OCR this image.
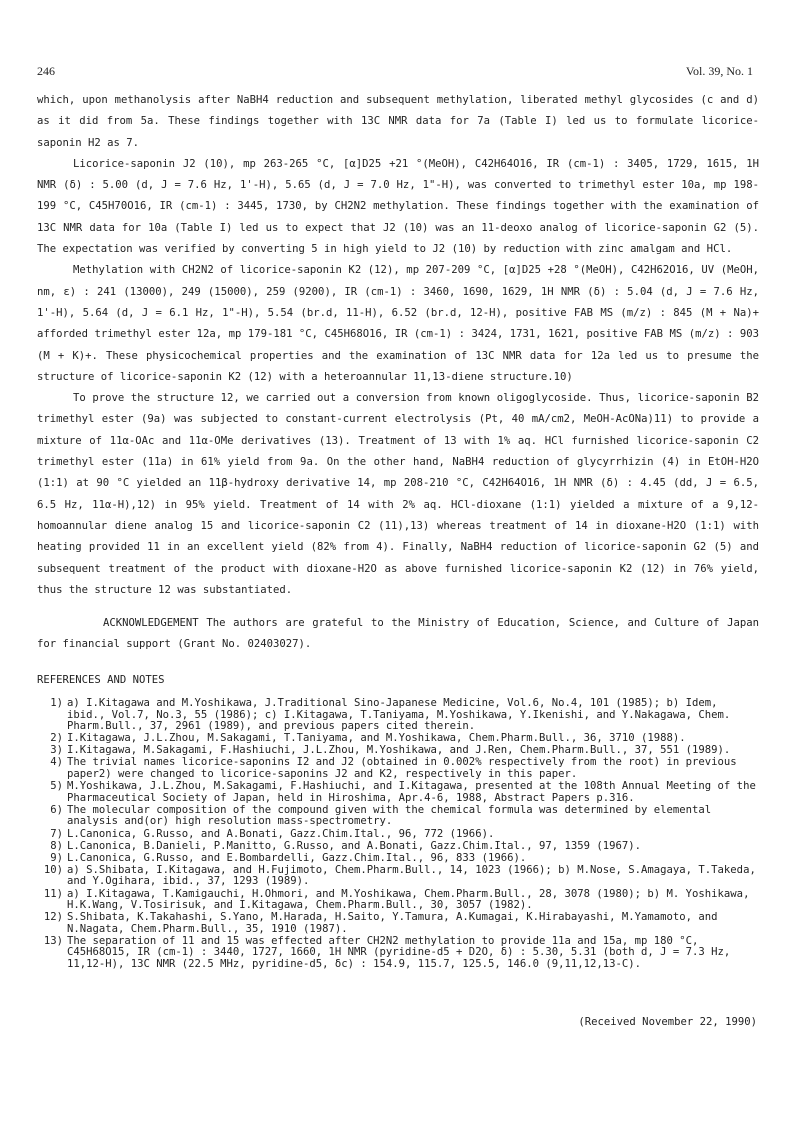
246	Vol. 39, No. 1

which, upon methanolysis after NaBH4 reduction and subsequent methylation, liberated methyl glycosides (c and d) as it did from 5a. These findings together with 13C NMR data for 7a (Table I) led us to formulate licorice-saponin H2 as 7.

Licorice-saponin J2 (10), mp 263-265 °C, [α]D25 +21 °(MeOH), C42H64O16, IR (cm-1) : 3405, 1729, 1615, 1H NMR (δ) : 5.00 (d, J = 7.6 Hz, 1'-H), 5.65 (d, J = 7.0 Hz, 1"-H), was converted to trimethyl ester 10a, mp 198-199 °C, C45H70O16, IR (cm-1) : 3445, 1730, by CH2N2 methylation. These findings together with the examination of 13C NMR data for 10a (Table I) led us to expect that J2 (10) was an 11-deoxo analog of licorice-saponin G2 (5). The expectation was verified by converting 5 in high yield to J2 (10) by reduction with zinc amalgam and HCl.

Methylation with CH2N2 of licorice-saponin K2 (12), mp 207-209 °C, [α]D25 +28 °(MeOH), C42H62O16, UV (MeOH, nm, ε) : 241 (13000), 249 (15000), 259 (9200), IR (cm-1) : 3460, 1690, 1629, 1H NMR (δ) : 5.04 (d, J = 7.6 Hz, 1'-H), 5.64 (d, J = 6.1 Hz, 1"-H), 5.54 (br.d, 11-H), 6.52 (br.d, 12-H), positive FAB MS (m/z) : 845 (M + Na)+ afforded trimethyl ester 12a, mp 179-181 °C, C45H68O16, IR (cm-1) : 3424, 1731, 1621, positive FAB MS (m/z) : 903 (M + K)+. These physicochemical properties and the examination of 13C NMR data for 12a led us to presume the structure of licorice-saponin K2 (12) with a heteroannular 11,13-diene structure.10)

To prove the structure 12, we carried out a conversion from known oligoglycoside. Thus, licorice-saponin B2 trimethyl ester (9a) was subjected to constant-current electrolysis (Pt, 40 mA/cm2, MeOH-AcONa)11) to provide a mixture of 11α-OAc and 11α-OMe derivatives (13). Treatment of 13 with 1% aq. HCl furnished licorice-saponin C2 trimethyl ester (11a) in 61% yield from 9a. On the other hand, NaBH4 reduction of glycyrrhizin (4) in EtOH-H2O (1:1) at 90 °C yielded an 11β-hydroxy derivative 14, mp 208-210 °C, C42H64O16, 1H NMR (δ) : 4.45 (dd, J = 6.5, 6.5 Hz, 11α-H),12) in 95% yield. Treatment of 14 with 2% aq. HCl-dioxane (1:1) yielded a mixture of a 9,12-homoannular diene analog 15 and licorice-saponin C2 (11),13) whereas treatment of 14 in dioxane-H2O (1:1) with heating provided 11 in an excellent yield (82% from 4). Finally, NaBH4 reduction of licorice-saponin G2 (5) and subsequent treatment of the product with dioxane-H2O as above furnished licorice-saponin K2 (12) in 76% yield, thus the structure 12 was substantiated.

ACKNOWLEDGEMENT The authors are grateful to the Ministry of Education, Science, and Culture of Japan for financial support (Grant No. 02403027).

REFERENCES AND NOTES

1) a) I.Kitagawa and M.Yoshikawa, J.Traditional Sino-Japanese Medicine, Vol.6, No.4, 101 (1985); b) Idem, ibid., Vol.7, No.3, 55 (1986); c) I.Kitagawa, T.Taniyama, M.Yoshikawa, Y.Ikenishi, and Y.Nakagawa, Chem. Pharm.Bull., 37, 2961 (1989), and previous papers cited therein.
2) I.Kitagawa, J.L.Zhou, M.Sakagami, T.Taniyama, and M.Yoshikawa, Chem.Pharm.Bull., 36, 3710 (1988).
3) I.Kitagawa, M.Sakagami, F.Hashiuchi, J.L.Zhou, M.Yoshikawa, and J.Ren, Chem.Pharm.Bull., 37, 551 (1989).
4) The trivial names licorice-saponins I2 and J2 (obtained in 0.002% respectively from the root) in previous paper2) were changed to licorice-saponins J2 and K2, respectively in this paper.
5) M.Yoshikawa, J.L.Zhou, M.Sakagami, F.Hashiuchi, and I.Kitagawa, presented at the 108th Annual Meeting of the Pharmaceutical Society of Japan, held in Hiroshima, Apr.4-6, 1988, Abstract Papers p.316.
6) The molecular composition of the compound given with the chemical formula was determined by elemental analysis and(or) high resolution mass-spectrometry.
7) L.Canonica, G.Russo, and A.Bonati, Gazz.Chim.Ital., 96, 772 (1966).
8) L.Canonica, B.Danieli, P.Manitto, G.Russo, and A.Bonati, Gazz.Chim.Ital., 97, 1359 (1967).
9) L.Canonica, G.Russo, and E.Bombardelli, Gazz.Chim.Ital., 96, 833 (1966).
10) a) S.Shibata, I.Kitagawa, and H.Fujimoto, Chem.Pharm.Bull., 14, 1023 (1966); b) M.Nose, S.Amagaya, T.Takeda, and Y.Ogihara, ibid., 37, 1293 (1989).
11) a) I.Kitagawa, T.Kamigauchi, H.Ohmori, and M.Yoshikawa, Chem.Pharm.Bull., 28, 3078 (1980); b) M. Yoshikawa, H.K.Wang, V.Tosirisuk, and I.Kitagawa, Chem.Pharm.Bull., 30, 3057 (1982).
12) S.Shibata, K.Takahashi, S.Yano, M.Harada, H.Saito, Y.Tamura, A.Kumagai, K.Hirabayashi, M.Yamamoto, and N.Nagata, Chem.Pharm.Bull., 35, 1910 (1987).
13) The separation of 11 and 15 was effected after CH2N2 methylation to provide 11a and 15a, mp 180 °C, C45H68O15, IR (cm-1) : 3440, 1727, 1660, 1H NMR (pyridine-d5 + D2O, δ) : 5.30, 5.31 (both d, J = 7.3 Hz, 11,12-H), 13C NMR (22.5 MHz, pyridine-d5, δc) : 154.9, 115.7, 125.5, 146.0 (9,11,12,13-C).
(Received November 22, 1990)
